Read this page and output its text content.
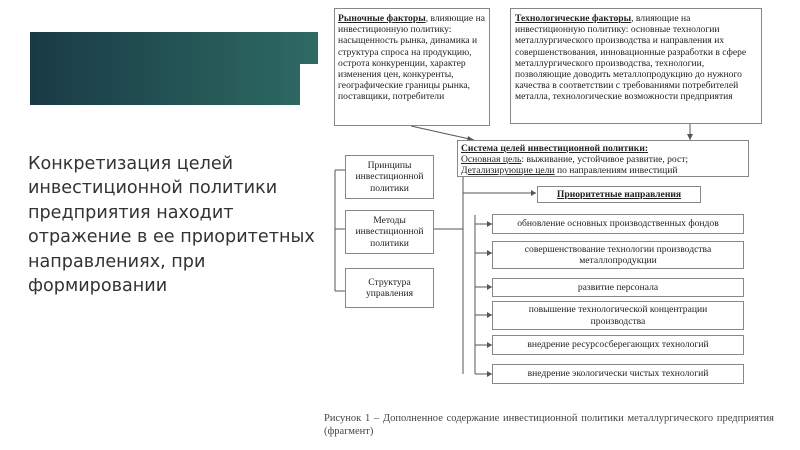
Конкретизация целей инвестиционной политики предприятия находит отражение в ее приоритетных направлениях, при формировании
Рыночные факторы, влияющие на инвестиционную политику: насыщенность рынка, динамика и структура спроса на продукцию, острота конкуренции, характер изменения цен, конкуренты, географические границы рынка, поставщики, потребители
Технологические факторы, влияющие на инвестиционную политику: основные технологии металлургического производства и направления их совершенствования, инновационные разработки в сфере металлургического производства, технологии, позволяющие доводить металлопродукцию до нужного качества в соответствии с требованиями потребителей металла, технологические возможности предприятия
Система целей инвестиционной политики:
Основная цель: выживание, устойчивое развитие, рост;
Детализирующие цели по направлениям инвестиций
Принципы инвестиционной политики
Методы инвестиционной политики
Структура управления
Приоритетные направления
обновление основных производственных фондов
совершенствование технологии производства металлопродукции
развитие персонала
повышение технологической концентрации производства
внедрение ресурсосберегающих технологий
внедрение экологически чистых технологий
Рисунок 1 – Дополненное содержание инвестиционной политики металлургического предприятия (фрагмент)
